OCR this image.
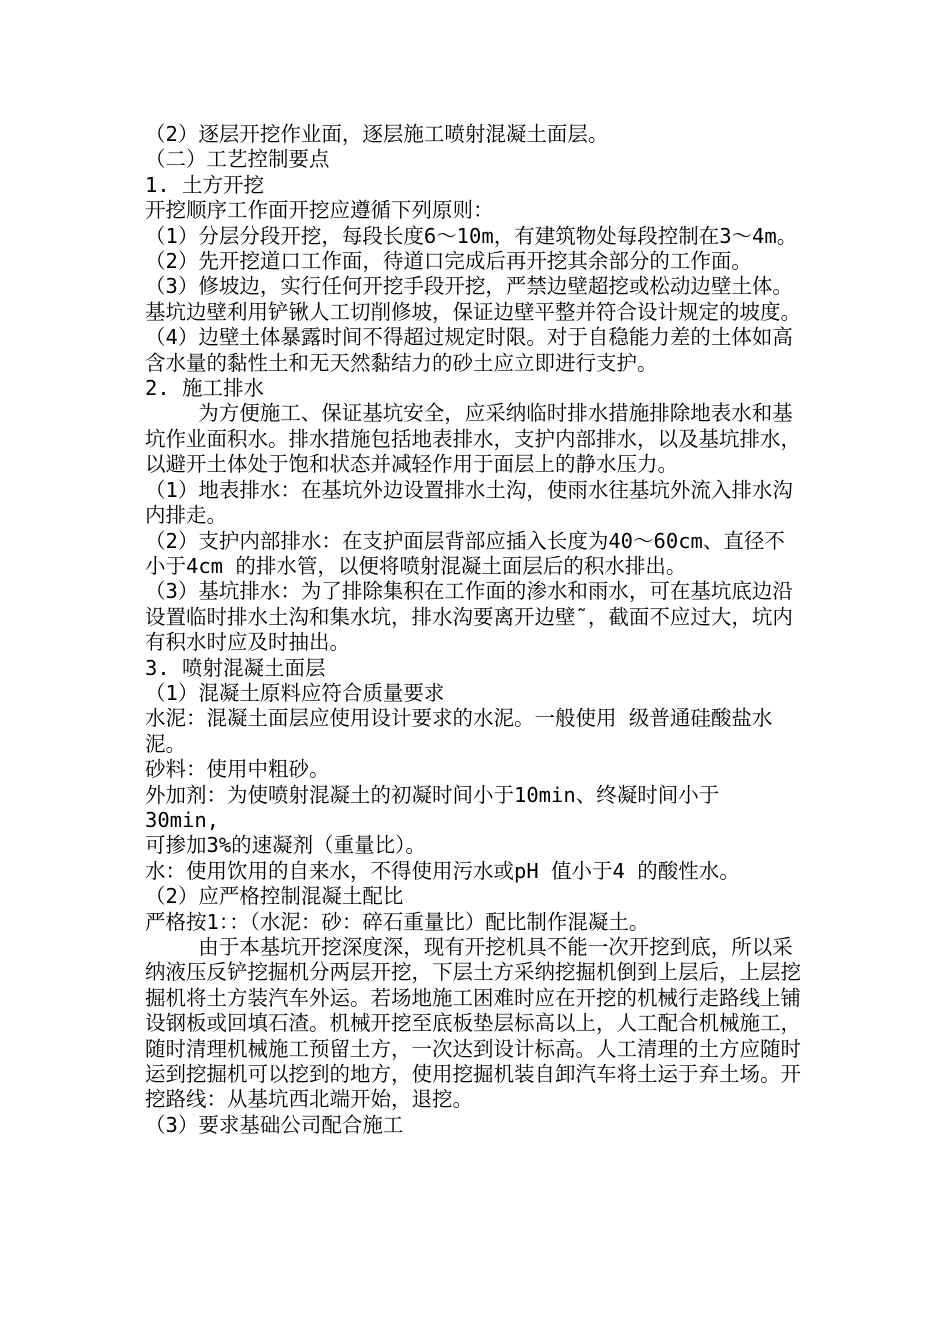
（2）逐层开挖作业面，逐层施工喷射混凝土面层。

（二）工艺控制要点

1. 土方开挖

开挖顺序工作面开挖应遵循下列原则：

（1）分层分段开挖，每段长度6～10m，有建筑物处每段控制在3～4m。

（2）先开挖道口工作面，待道口完成后再开挖其余部分的工作面。

（3）修坡边，实行任何开挖手段开挖，严禁边壁超挖或松动边壁土体。基坑边壁利用铲锹人工切削修坡，保证边壁平整并符合设计规定的坡度。

（4）边壁土体暴露时间不得超过规定时限。对于自稳能力差的土体如高含水量的黏性土和无天然黏结力的砂土应立即进行支护。

2. 施工排水

为方便施工、保证基坑安全，应采纳临时排水措施排除地表水和基坑作业面积水。排水措施包括地表排水，支护内部排水，以及基坑排水，以避开土体处于饱和状态并减轻作用于面层上的静水压力。

（1）地表排水：在基坑外边设置排水土沟，使雨水往基坑外流入排水沟内排走。

（2）支护内部排水：在支护面层背部应插入长度为40～60cm、直径不小于4cm 的排水管，以便将喷射混凝土面层后的积水排出。

（3）基坑排水：为了排除集积在工作面的渗水和雨水，可在基坑底边沿设置临时排水土沟和集水坑，排水沟要离开边壁˜，截面不应过大，坑内有积水时应及时抽出。

3. 喷射混凝土面层

（1）混凝土原料应符合质量要求

水泥：混凝土面层应使用设计要求的水泥。一般使用 级普通硅酸盐水泥。

砂料：使用中粗砂。

外加剂：为使喷射混凝土的初凝时间小于10min、终凝时间小于

30min,

可掺加3%的速凝剂（重量比）。

水：使用饮用的自来水，不得使用污水或pH 值小于4 的酸性水。

（2）应严格控制混凝土配比

严格按1：：（水泥：砂：碎石重量比）配比制作混凝土。

由于本基坑开挖深度深，现有开挖机具不能一次开挖到底，所以采纳液压反铲挖掘机分两层开挖，下层土方采纳挖掘机倒到上层后，上层挖掘机将土方装汽车外运。若场地施工困难时应在开挖的机械行走路线上铺设钢板或回填石渣。机械开挖至底板垫层标高以上，人工配合机械施工，随时清理机械施工预留土方，一次达到设计标高。人工清理的土方应随时运到挖掘机可以挖到的地方，使用挖掘机装自卸汽车将土运于弃土场。开挖路线：从基坑西北端开始，退挖。

（3）要求基础公司配合施工
